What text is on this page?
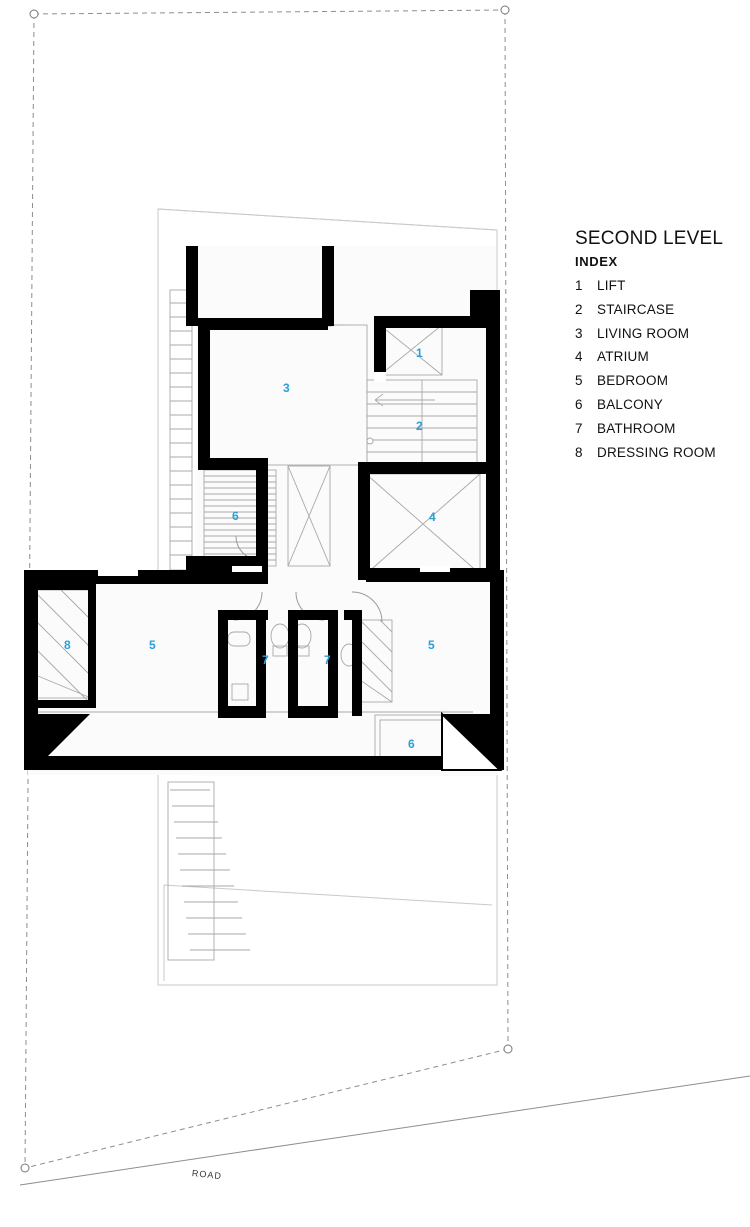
3
1
2
6	4
8	5
7	7
5
6
ROAD
SECOND LEVEL
INDEX
1	LIFT
2	STAIRCASE
3	LIVING ROOM
4	ATRIUM
5	BEDROOM
6	BALCONY
7	BATHROOM
8	DRESSING ROOM
